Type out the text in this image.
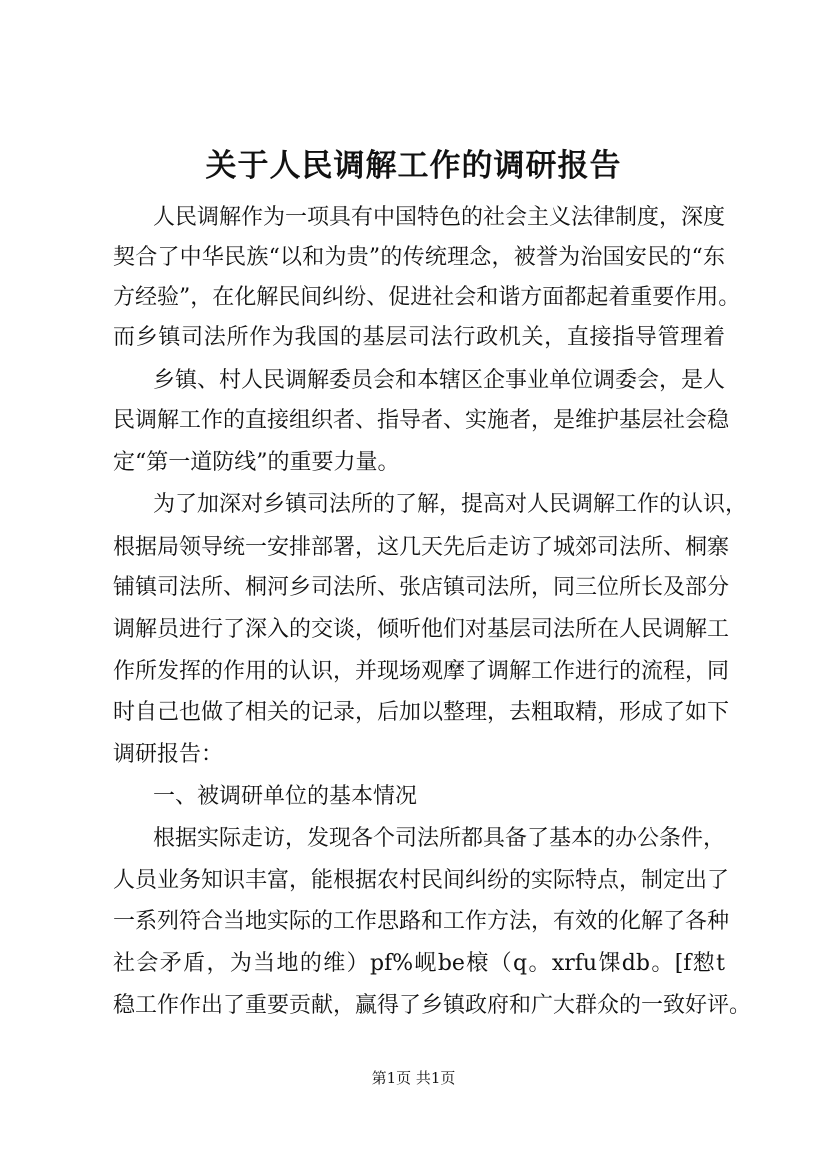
关于人民调解工作的调研报告
人民调解作为一项具有中国特色的社会主义法律制度，深度
契合了中华民族“以和为贵”的传统理念，被誉为治国安民的“东
方经验”，在化解民间纠纷、促进社会和谐方面都起着重要作用。
而乡镇司法所作为我国的基层司法行政机关，直接指导管理着
乡镇、村人民调解委员会和本辖区企事业单位调委会，是人
民调解工作的直接组织者、指导者、实施者，是维护基层社会稳
定“第一道防线”的重要力量。
为了加深对乡镇司法所的了解，提高对人民调解工作的认识，
根据局领导统一安排部署，这几天先后走访了城郊司法所、桐寨
铺镇司法所、桐河乡司法所、张店镇司法所，同三位所长及部分
调解员进行了深入的交谈，倾听他们对基层司法所在人民调解工
作所发挥的作用的认识，并现场观摩了调解工作进行的流程，同
时自己也做了相关的记录，后加以整理，去粗取精，形成了如下
调研报告：
一、被调研单位的基本情况
根据实际走访，发现各个司法所都具备了基本的办公条件，
人员业务知识丰富，能根据农村民间纠纷的实际特点，制定出了
一系列符合当地实际的工作思路和工作方法，有效的化解了各种
社会矛盾，为当地的维）pf%岘be榱（q。xrfu馃db。[f愸t
稳工作作出了重要贡献，赢得了乡镇政府和广大群众的一致好评。
第1页 共1页
